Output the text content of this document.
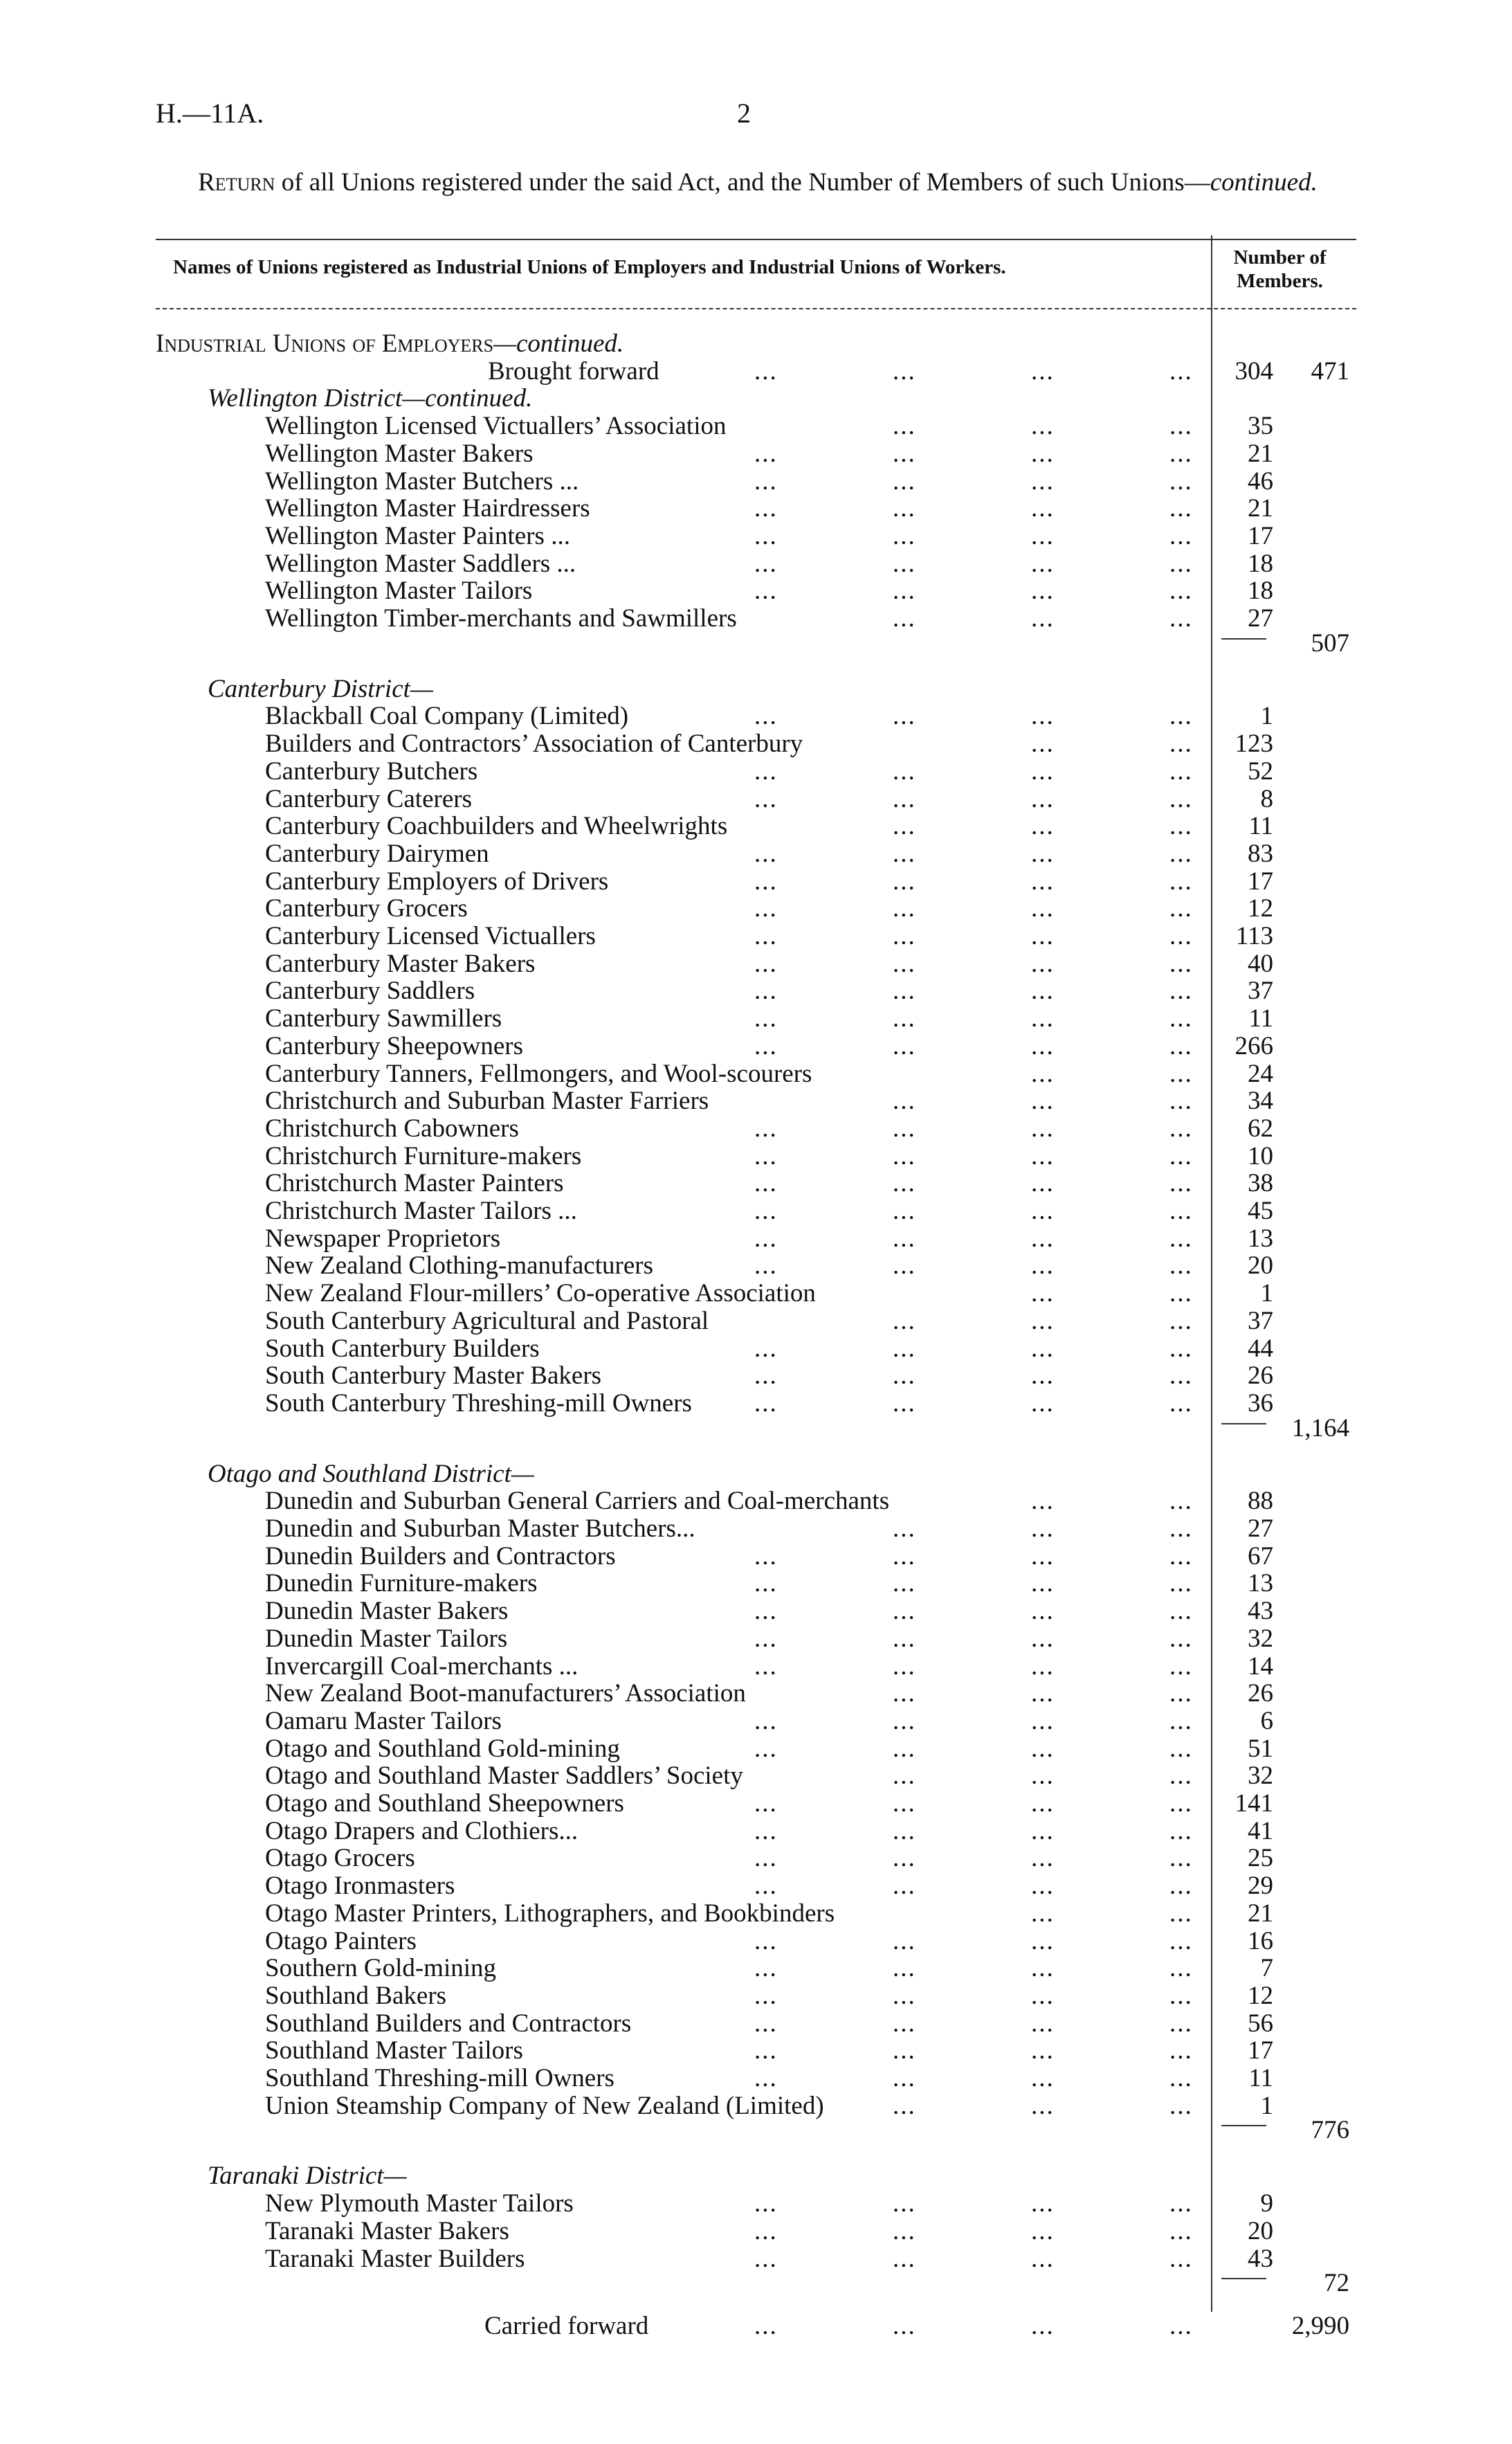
H.—11A.	2
Return of all Unions registered under the said Act, and the Number of Members of such Unions—continued.
Names of Unions registered as Industrial Unions of Employers and Industrial Unions of Workers.	Number of
Members.
Industrial Unions of Employers—continued.
Brought forward	...	...	...	... 304 471
Wellington District—continued.
Wellington Licensed Victuallers’ Association	...	...	... 35
Wellington Master Bakers	...	...	...	... 21
Wellington Master Butchers ...	...	...	...	... 46
Wellington Master Hairdressers	...	...	...	... 21
Wellington Master Painters ...	...	...	...	... 17
Wellington Master Saddlers ...	...	...	...	... 18
Wellington Master Tailors	...	...	...	... 18
Wellington Timber-merchants and Sawmillers	...	...	... 27
507
Canterbury District—
Blackball Coal Company (Limited)	...	...	...	...	1
Builders and Contractors’ Association of Canterbury	...	... 123
Canterbury Butchers	...	...	...	... 52
Canterbury Caterers	...	...	...	...	8
Canterbury Coachbuilders and Wheelwrights	...	...	... 11
Canterbury Dairymen	...	...	...	... 83
Canterbury Employers of Drivers	...	...	...	... 17
Canterbury Grocers	...	...	...	... 12
Canterbury Licensed Victuallers	...	...	...	... 113
Canterbury Master Bakers	...	...	...	... 40
Canterbury Saddlers	...	...	...	... 37
Canterbury Sawmillers	...	...	...	... 11
Canterbury Sheepowners	...	...	...	... 266
Canterbury Tanners, Fellmongers, and Wool-scourers	...	... 24
Christchurch and Suburban Master Farriers	...	...	... 34
Christchurch Cabowners	...	...	...	... 62
Christchurch Furniture-makers	...	...	...	... 10
Christchurch Master Painters	...	...	...	... 38
Christchurch Master Tailors ...	...	...	...	... 45
Newspaper Proprietors	...	...	...	... 13
New Zealand Clothing-manufacturers	...	...	...	... 20
New Zealand Flour-millers’ Co-operative Association	...	...	1
South Canterbury Agricultural and Pastoral	...	...	... 37
South Canterbury Builders	...	...	...	... 44
South Canterbury Master Bakers	...	...	...	... 26
South Canterbury Threshing-mill Owners ...	...	...	... 36
1,164
Otago and Southland District—
Dunedin and Suburban General Carriers and Coal-merchants	...	... 88
Dunedin and Suburban Master Butchers...	...	...	... 27
Dunedin Builders and Contractors	...	...	...	... 67
Dunedin Furniture-makers	...	...	...	... 13
Dunedin Master Bakers	...	...	...	... 43
Dunedin Master Tailors	...	...	...	... 32
Invercargill Coal-merchants ...	...	...	...	... 14
New Zealand Boot-manufacturers’ Association	...	...	... 26
Oamaru Master Tailors	...	...	...	...	6
Otago and Southland Gold-mining	...	...	...	... 51
Otago and Southland Master Saddlers’ Society	...	...	... 32
Otago and Southland Sheepowners	...	...	...	... 141
Otago Drapers and Clothiers...	...	...	...	... 41
Otago Grocers	...	...	...	... 25
Otago Ironmasters	...	...	...	... 29
Otago Master Printers, Lithographers, and Bookbinders	...	... 21
Otago Painters	...	...	...	... 16
Southern Gold-mining	...	...	...	...	7
Southland Bakers	...	...	...	... 12
Southland Builders and Contractors	...	...	...	... 56
Southland Master Tailors	...	...	...	... 17
Southland Threshing-mill Owners	...	...	...	... 11
Union Steamship Company of New Zealand (Limited)	...	...	...	1
776
Taranaki District—
New Plymouth Master Tailors	...	...	...	...	9
Taranaki Master Bakers	...	...	...	... 20
Taranaki Master Builders	...	...	...	... 43
72
Carried forward	...	...	...	...	2,990
